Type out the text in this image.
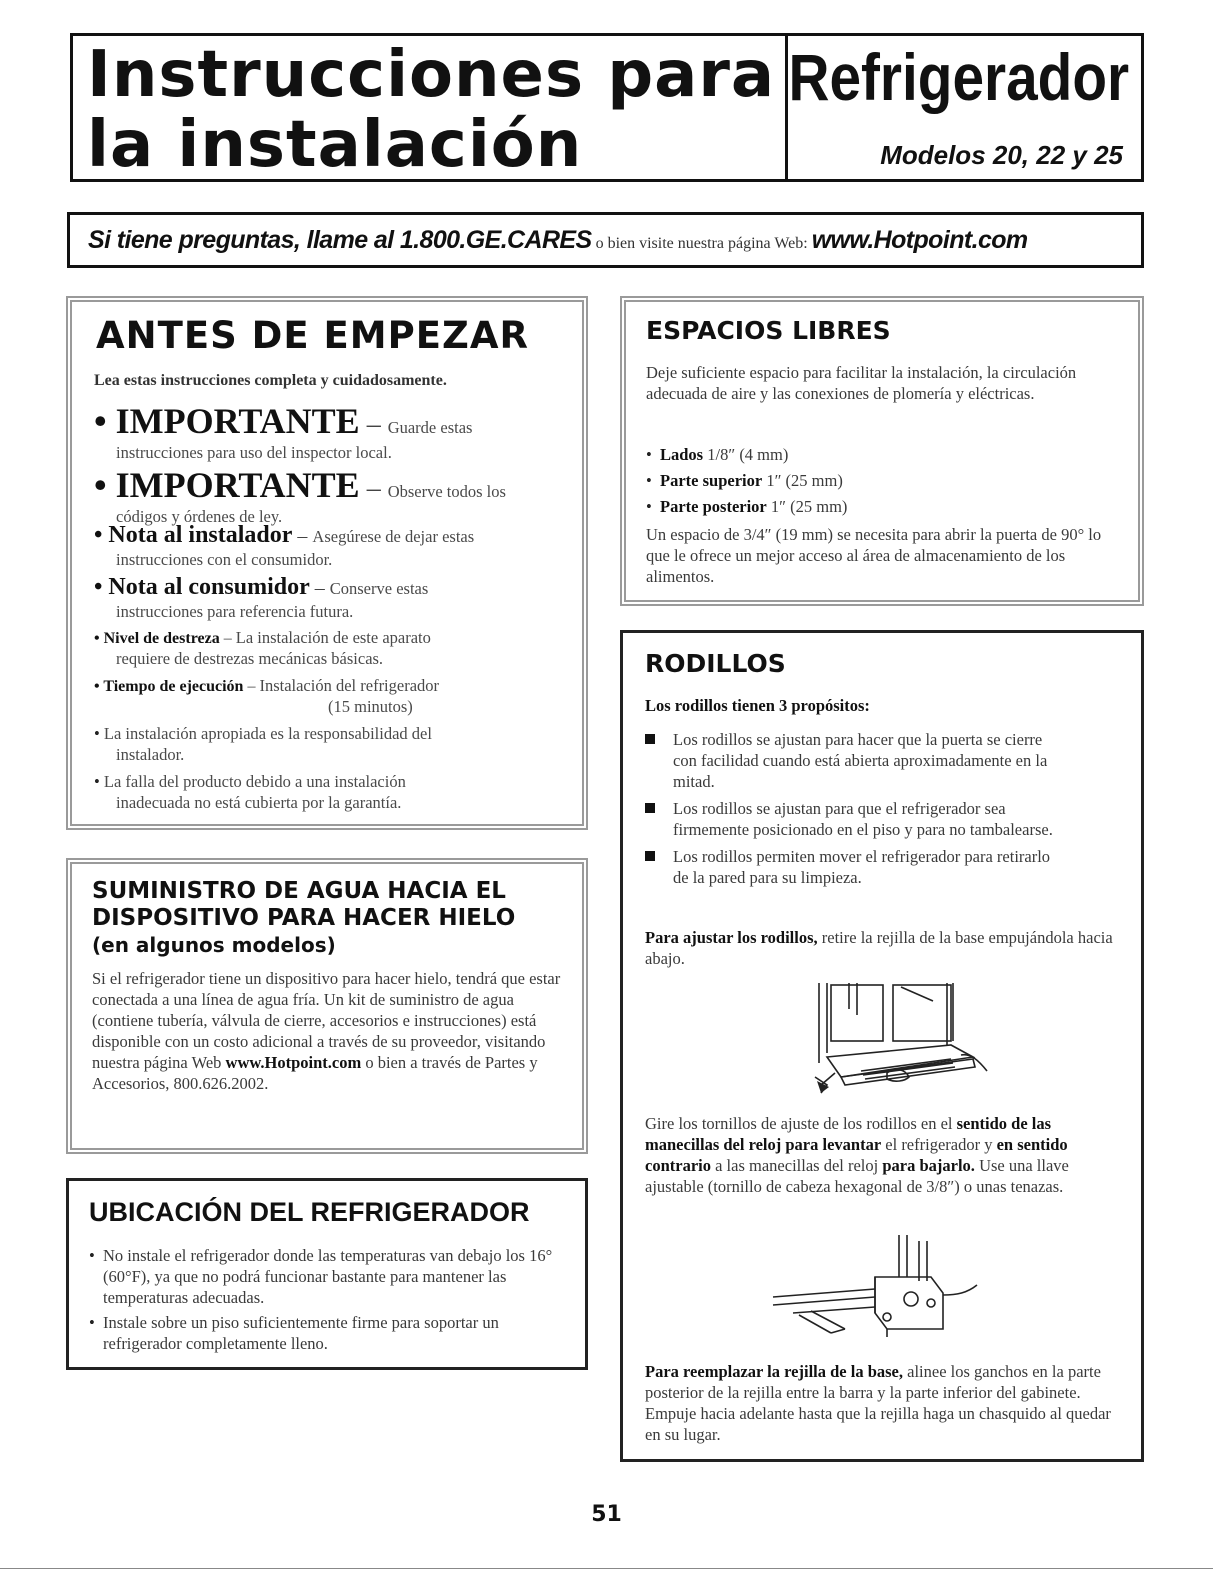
Instrucciones para
la instalación
Refrigerador
Modelos 20, 22 y 25
Si tiene preguntas, llame al 1.800.GE.CARES o bien visite nuestra página Web: www.Hotpoint.com
ANTES DE EMPEZAR
Lea estas instrucciones completa y cuidadosamente.
• IMPORTANTE – Guarde estas
instrucciones para uso del inspector local.
• IMPORTANTE – Observe todos los
códigos y órdenes de ley.
• Nota al instalador – Asegúrese de dejar estas
instrucciones con el consumidor.
• Nota al consumidor – Conserve estas
instrucciones para referencia futura.
• Nivel de destreza – La instalación de este aparato
requiere de destrezas mecánicas básicas.
• Tiempo de ejecución – Instalación del refrigerador
(15 minutos)
• La instalación apropiada es la responsabilidad del
instalador.
• La falla del producto debido a una instalación
inadecuada no está cubierta por la garantía.
SUMINISTRO DE AGUA HACIA EL
DISPOSITIVO PARA HACER HIELO
(en algunos modelos)
Si el refrigerador tiene un dispositivo para hacer hielo, tendrá que estar conectada a una línea de agua fría. Un kit de suministro de agua (contiene tubería, válvula de cierre, accesorios e instrucciones) está disponible con un costo adicional a través de su proveedor, visitando nuestra página Web www.Hotpoint.com o bien a través de Partes y Accesorios, 800.626.2002.
UBICACIÓN DEL REFRIGERADOR
• No instale el refrigerador donde las temperaturas van debajo los 16°(60°F), ya que no podrá funcionar bastante para mantener las temperaturas adecuadas.
• Instale sobre un piso suficientemente firme para soportar un refrigerador completamente lleno.
ESPACIOS LIBRES
Deje suficiente espacio para facilitar la instalación, la circulación adecuada de aire y las conexiones de plomería y eléctricas.
• Lados 1/8″ (4 mm)
• Parte superior 1″ (25 mm)
• Parte posterior 1″ (25 mm)
Un espacio de 3/4″ (19 mm) se necesita para abrir la puerta de 90° lo que le ofrece un mejor acceso al área de almacenamiento de los alimentos.
RODILLOS
Los rodillos tienen 3 propósitos:
Los rodillos se ajustan para hacer que la puerta se cierre con facilidad cuando está abierta aproximadamente en la mitad.
Los rodillos se ajustan para que el refrigerador sea firmemente posicionado en el piso y para no tambalearse.
Los rodillos permiten mover el refrigerador para retirarlo de la pared para su limpieza.
Para ajustar los rodillos, retire la rejilla de la base empujándola hacia abajo.
Gire los tornillos de ajuste de los rodillos en el sentido de las manecillas del reloj para levantar el refrigerador y en sentido contrario a las manecillas del reloj para bajarlo. Use una llave ajustable (tornillo de cabeza hexagonal de 3/8″) o unas tenazas.
Para reemplazar la rejilla de la base, alinee los ganchos en la parte posterior de la rejilla entre la barra y la parte inferior del gabinete. Empuje hacia adelante hasta que la rejilla haga un chasquido al quedar en su lugar.
51
